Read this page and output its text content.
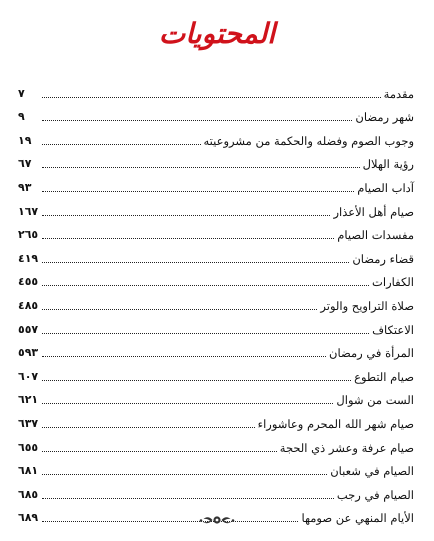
المحتويات
مقدمة
٧
شهر رمضان
٩
وجوب الصوم وفضله والحكمة من مشروعيته
١٩
رؤية الهلال
٦٧
آداب الصيام
٩٣
صيام أهل الأعذار
١٦٧
مفسدات الصيام
٢٦٥
قضاء رمضان
٤١٩
الكفارات
٤٥٥
صلاة التراويح والوتر
٤٨٥
الاعتكاف
٥٥٧
المرأة في رمضان
٥٩٣
صيام التطوع
٦٠٧
الست من شوال
٦٢١
صيام شهر الله المحرم وعاشوراء
٦٣٧
صيام عرفة وعشر ذي الحجة
٦٥٥
الصيام في شعبان
٦٨١
الصيام في رجب
٦٨٥
الأيام المنهي عن صومها
٦٨٩
